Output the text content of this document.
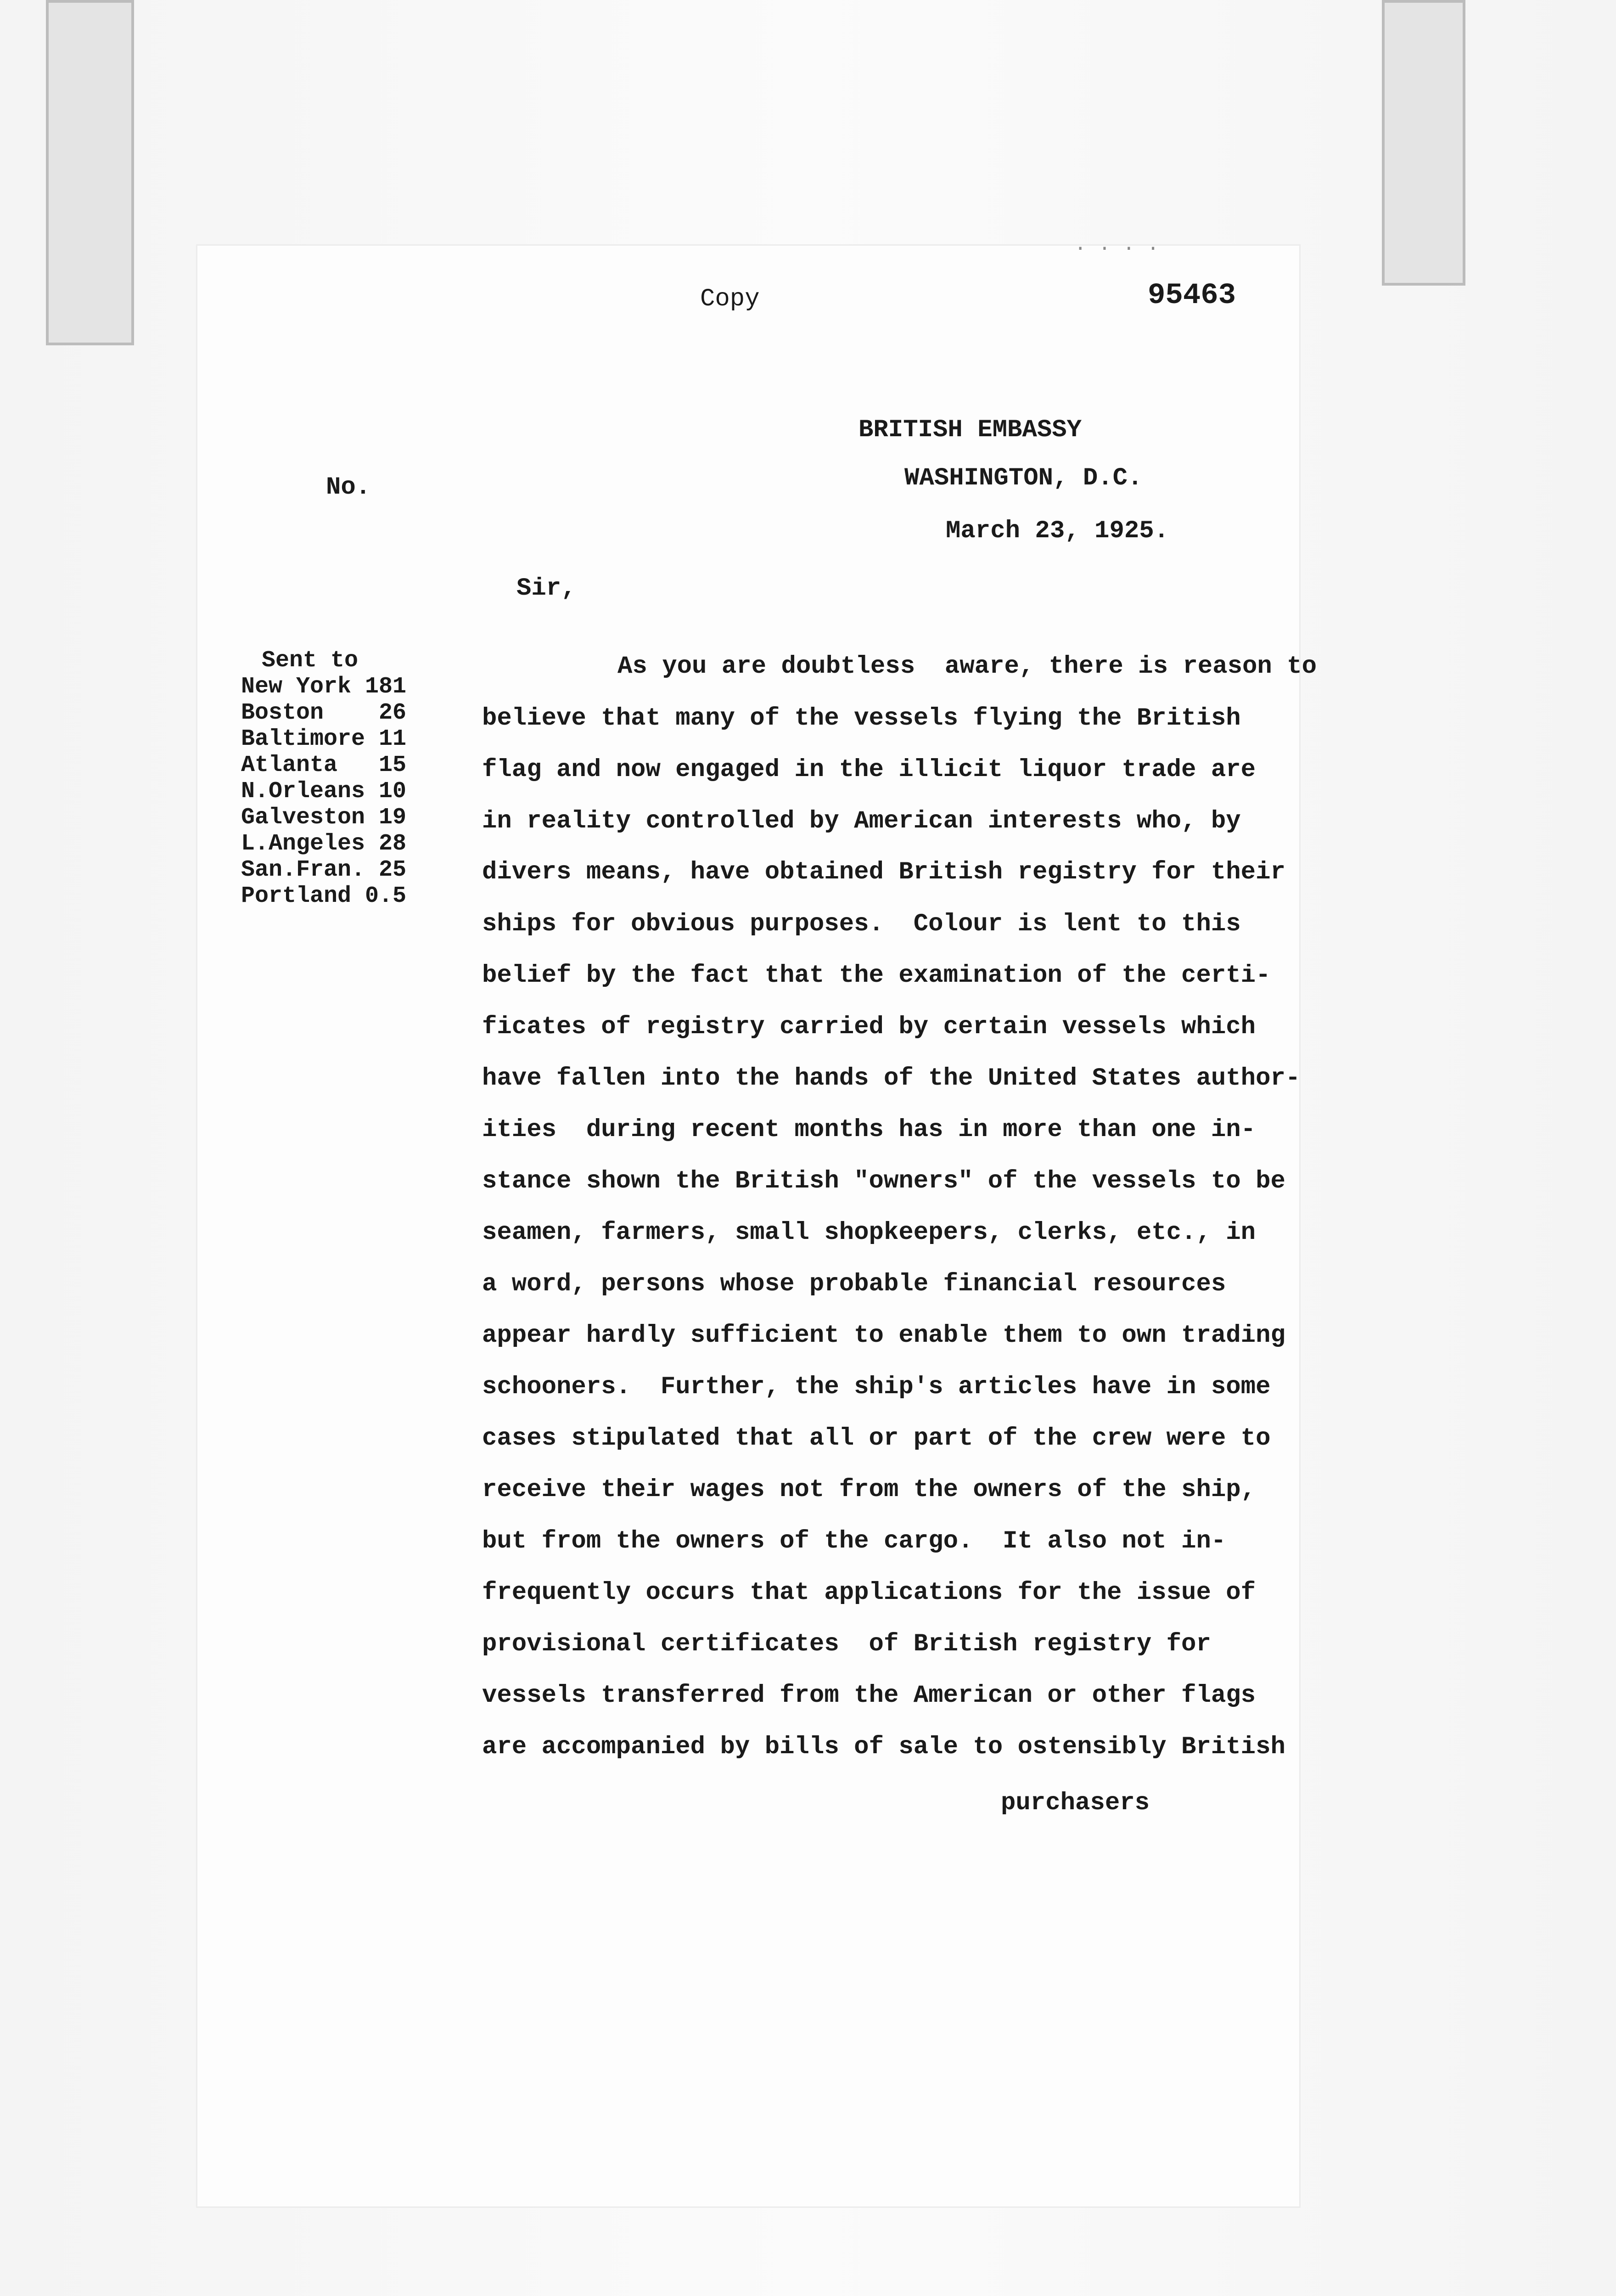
Copy
· · · ·
95463
BRITISH EMBASSY
WASHINGTON, D.C.
March 23, 1925.
No.
Sir,
Sent to
New York 181
Boston    26
Baltimore 11
Atlanta   15
N.Orleans 10
Galveston 19
L.Angeles 28
San.Fran. 25
Portland 0.5
As you are doubtless  aware, there is reason to
believe that many of the vessels flying the British
flag and now engaged in the illicit liquor trade are
in reality controlled by American interests who, by
divers means, have obtained British registry for their
ships for obvious purposes.  Colour is lent to this
belief by the fact that the examination of the certi-
ficates of registry carried by certain vessels which
have fallen into the hands of the United States author-
ities  during recent months has in more than one in-
stance shown the British "owners" of the vessels to be
seamen, farmers, small shopkeepers, clerks, etc., in
a word, persons whose probable financial resources
appear hardly sufficient to enable them to own trading
schooners.  Further, the ship's articles have in some
cases stipulated that all or part of the crew were to
receive their wages not from the owners of the ship,
but from the owners of the cargo.  It also not in-
frequently occurs that applications for the issue of
provisional certificates  of British registry for
vessels transferred from the American or other flags
are accompanied by bills of sale to ostensibly British
purchasers
